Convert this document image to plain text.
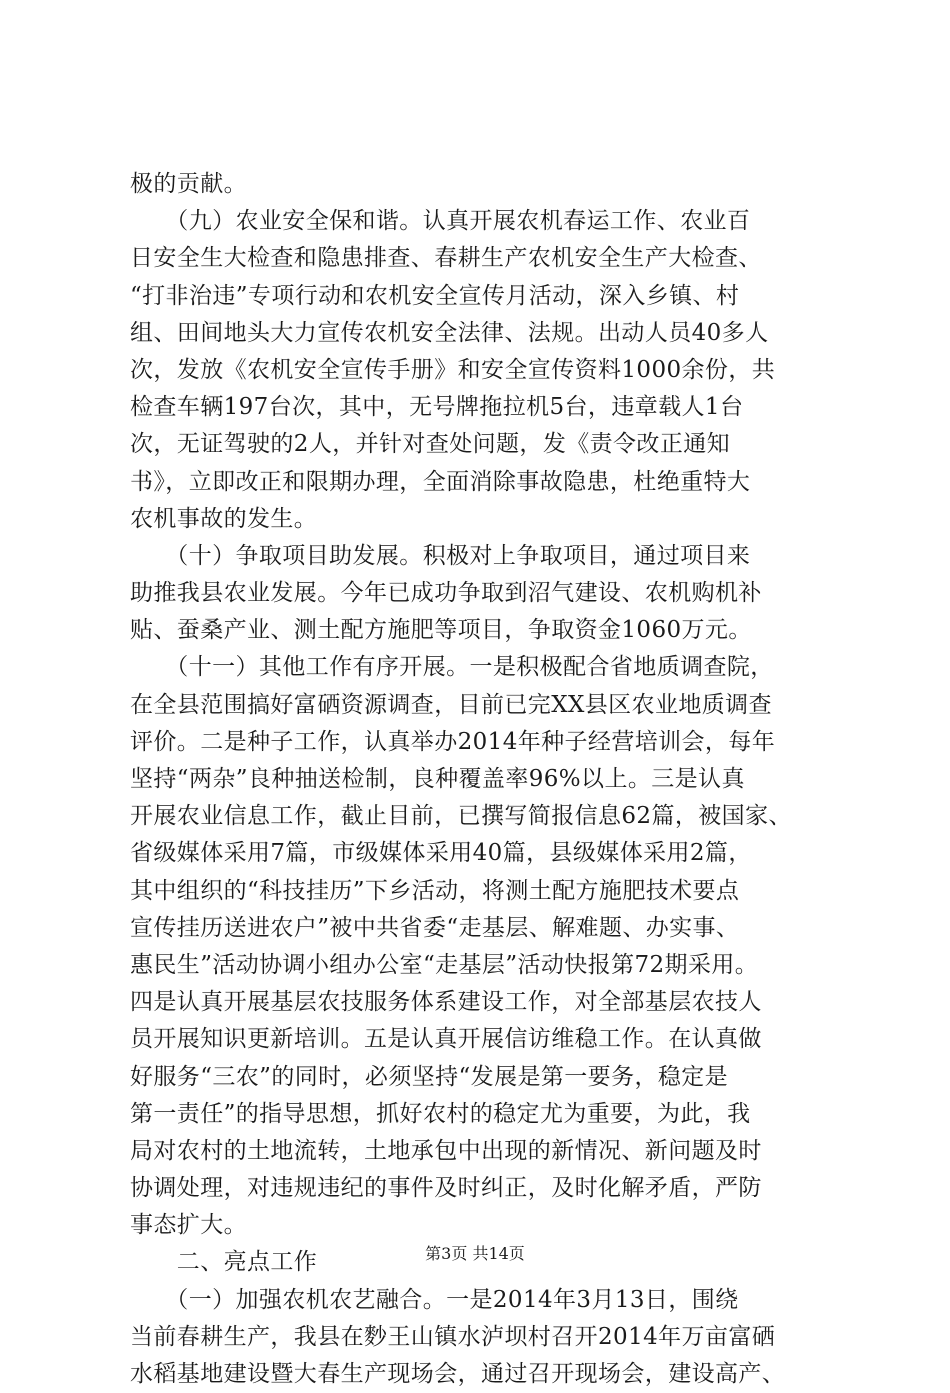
极的贡献。
　　（九）农业安全保和谐。认真开展农机春运工作、农业百
日安全生大检查和隐患排查、春耕生产农机安全生产大检查、
“打非治违”专项行动和农机安全宣传月活动，深入乡镇、村
组、田间地头大力宣传农机安全法律、法规。出动人员40多人
次，发放《农机安全宣传手册》和安全宣传资料1000余份，共
检查车辆197台次，其中，无号牌拖拉机5台，违章载人1台
次，无证驾驶的2人，并针对查处问题，发《责令改正通知
书》，立即改正和限期办理，全面消除事故隐患，杜绝重特大
农机事故的发生。
　　（十）争取项目助发展。积极对上争取项目，通过项目来
助推我县农业发展。今年已成功争取到沼气建设、农机购机补
贴、蚕桑产业、测土配方施肥等项目，争取资金1060万元。
　　（十一）其他工作有序开展。一是积极配合省地质调查院，
在全县范围搞好富硒资源调查，目前已完XX县区农业地质调查
评价。二是种子工作，认真举办2014年种子经营培训会，每年
坚持“两杂”良种抽送检制，良种覆盖率96%以上。三是认真
开展农业信息工作，截止目前，已撰写简报信息62篇，被国家、
省级媒体采用7篇，市级媒体采用40篇，县级媒体采用2篇，
其中组织的“科技挂历”下乡活动，将测土配方施肥技术要点
宣传挂历送进农户”被中共省委“走基层、解难题、办实事、
惠民生”活动协调小组办公室“走基层”活动快报第72期采用。
四是认真开展基层农技服务体系建设工作，对全部基层农技人
员开展知识更新培训。五是认真开展信访维稳工作。在认真做
好服务“三农”的同时，必须坚持“发展是第一要务，稳定是
第一责任”的指导思想，抓好农村的稳定尤为重要，为此，我
局对农村的土地流转，土地承包中出现的新情况、新问题及时
协调处理，对违规违纪的事件及时纠正，及时化解矛盾，严防
事态扩大。
　　二、亮点工作
　　（一）加强农机农艺融合。一是2014年3月13日，围绕
当前春耕生产，我县在麨王山镇水泸坝村召开2014年万亩富硒
水稻基地建设暨大春生产现场会，通过召开现场会，建设高产、
第3页 共14页
